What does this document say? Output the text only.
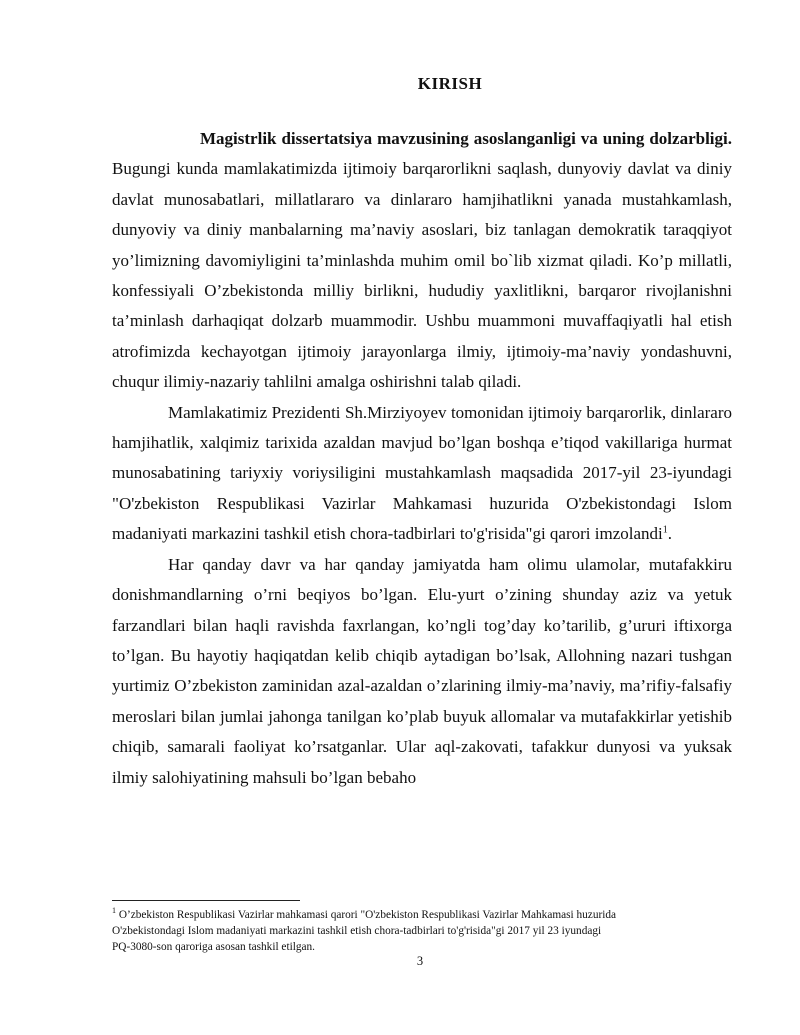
KIRISH

Magistrlik dissertatsiya mavzusining asoslanganligi va uning dolzarbligi. Bugungi kunda mamlakatimizda ijtimoiy barqarorlikni saqlash, dunyoviy davlat va diniy davlat munosabatlari, millatlararo va dinlararo hamjihatlikni yanada mustahkamlash, dunyoviy va diniy manbalarning ma’naviy asoslari, biz tanlagan demokratik taraqqiyot yo’limizning davomiyligini ta’minlashda muhim omil bo`lib xizmat qiladi. Ko’p millatli, konfessiyali O’zbekistonda milliy birlikni, hududiy yaxlitlikni, barqaror rivojlanishni ta’minlash darhaqiqat dolzarb muammodir. Ushbu muammoni muvaffaqiyatli hal etish atrofimizda kechayotgan ijtimoiy jarayonlarga ilmiy, ijtimoiy-ma’naviy yondashuvni, chuqur ilimiy-nazariy tahlilni amalga oshirishni talab qiladi.

Mamlakatimiz Prezidenti Sh.Mirziyoyev tomonidan ijtimoiy barqarorlik, dinlararo hamjihatlik, xalqimiz tarixida azaldan mavjud bo’lgan boshqa e’tiqod vakillariga hurmat munosabatining tariyxiy voriysiligini mustahkamlash maqsadida 2017-yil 23-iyundagi "O'zbekiston Respublikasi Vazirlar Mahkamasi huzurida O'zbekistondagi Islom madaniyati markazini tashkil etish chora-tadbirlari to'g'risida"gi qarori imzolandi$^1$.

Har qanday davr va har qanday jamiyatda ham olimu ulamolar, mutafakkiru donishmandlarning o’rni beqiyos bo’lgan. Elu-yurt o’zining shunday aziz va yetuk farzandlari bilan haqli ravishda faxrlangan, ko’ngli tog’day ko’tarilib, g’ururi iftixorga to’lgan. Bu hayotiy haqiqatdan kelib chiqib aytadigan bo’lsak, Allohning nazari tushgan yurtimiz O’zbekiston zaminidan azal-azaldan o’zlarining ilmiy-ma’naviy, ma’rifiy-falsafiy meroslari bilan jumlai jahonga tanilgan ko’plab buyuk allomalar va mutafakkirlar yetishib chiqib, samarali faoliyat ko’rsatganlar. Ular aql-zakovati, tafakkur dunyosi va yuksak ilmiy salohiyatining mahsuli bo’lgan bebaho

$^1$ O’zbekiston Respublikasi Vazirlar mahkamasi qarori "O'zbekiston Respublikasi Vazirlar Mahkamasi huzurida
O'zbekistondagi Islom madaniyati markazini tashkil etish chora-tadbirlari to'g'risida"gi 2017 yil 23 iyundagi
PQ-3080-son qaroriga asosan tashkil etilgan.
3
